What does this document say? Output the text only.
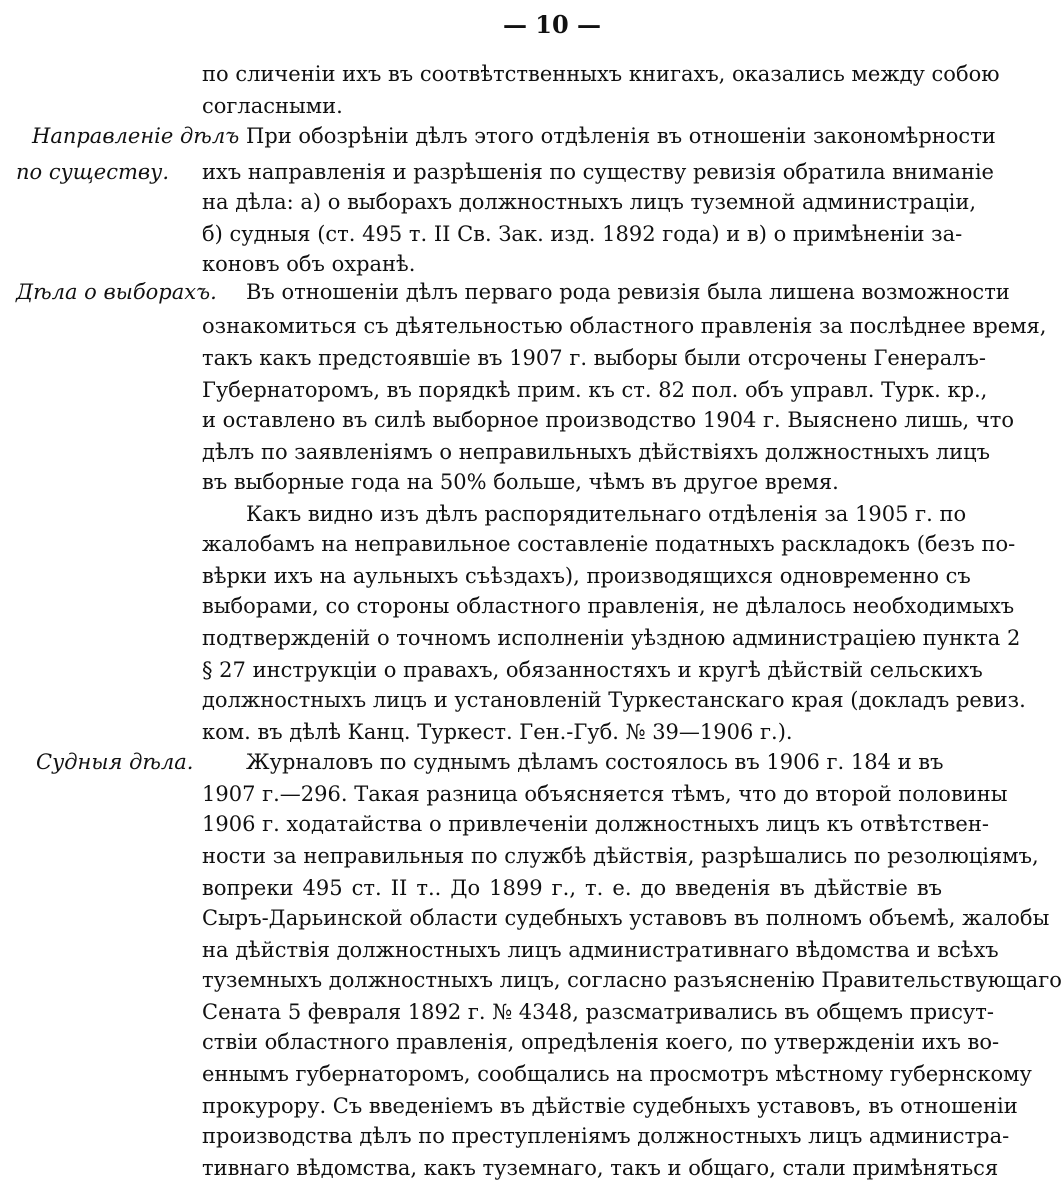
— 10 —
Направленiе дѣлъ
по существу.
Дѣла о выборахъ.
Судныя дѣла.
по сличенiи ихъ въ соотвѣтственныхъ книгахъ, оказались между собою
согласными.
При обозрѣнiи дѣлъ этого отдѣленiя въ отношенiи закономѣрности
ихъ направленiя и разрѣшенiя по существу ревизiя обратила вниманiе
на дѣла: а) о выборахъ должностныхъ лицъ туземной администрацiи,
б) судныя (ст. 495 т. II Св. Зак. изд. 1892 года) и в) о примѣненiи за-
коновъ объ охранѣ.
Въ отношенiи дѣлъ перваго рода ревизiя была лишена возможности
ознакомиться съ дѣятельностью областного правленiя за послѣднее время,
такъ какъ предстоявшiе въ 1907 г. выборы были отсрочены Генералъ-
Губернаторомъ, въ порядкѣ прим. къ ст. 82 пол. объ управл. Турк. кр.,
и оставлено въ силѣ выборное производство 1904 г. Выяснено лишь, что
дѣлъ по заявленiямъ о неправильныхъ дѣйствiяхъ должностныхъ лицъ
въ выборные года на 50% больше, чѣмъ въ другое время.
Какъ видно изъ дѣлъ распорядительнаго отдѣленiя за 1905 г. по
жалобамъ на неправильное составленiе податныхъ раскладокъ (безъ по-
вѣрки ихъ на аульныхъ съѣздахъ), производящихся одновременно съ
выборами, со стороны областного правленiя, не дѣлалось необходимыхъ
подтвержденiй о точномъ исполненiи уѣздною администрацiею пункта 2
§ 27 инструкцiи о правахъ, обязанностяхъ и кругѣ дѣйствiй сельскихъ
должностныхъ лицъ и установленiй Туркестанскаго края (докладъ ревиз.
ком. въ дѣлѣ Канц. Туркест. Ген.-Губ. № 39—1906 г.).
Журналовъ по суднымъ дѣламъ состоялось въ 1906 г. 184 и въ
1907 г.—296. Такая разница объясняется тѣмъ, что до второй половины
1906 г. ходатайства о привлеченiи должностныхъ лицъ къ отвѣтствен-
ности за неправильныя по службѣ дѣйствiя, разрѣшались по резолюцiямъ,
вопреки 495 ст. II т.. До 1899 г., т. е. до введенiя въ дѣйствiе въ
Сыръ-Дарьинской области судебныхъ уставовъ въ полномъ объемѣ, жалобы
на дѣйствiя должностныхъ лицъ административнаго вѣдомства и всѣхъ
туземныхъ должностныхъ лицъ, согласно разъясненiю Правительствующаго
Сената 5 февраля 1892 г. № 4348, разсматривались въ общемъ присут-
ствiи областного правленiя, опредѣленiя коего, по утвержденiи ихъ во-
еннымъ губернаторомъ, сообщались на просмотръ мѣстному губернскому
прокурору. Съ введенiемъ въ дѣйствiе судебныхъ уставовъ, въ отношенiи
производства дѣлъ по преступленiямъ должностныхъ лицъ администра-
тивнаго вѣдомства, какъ туземнаго, такъ и общаго, стали примѣняться
